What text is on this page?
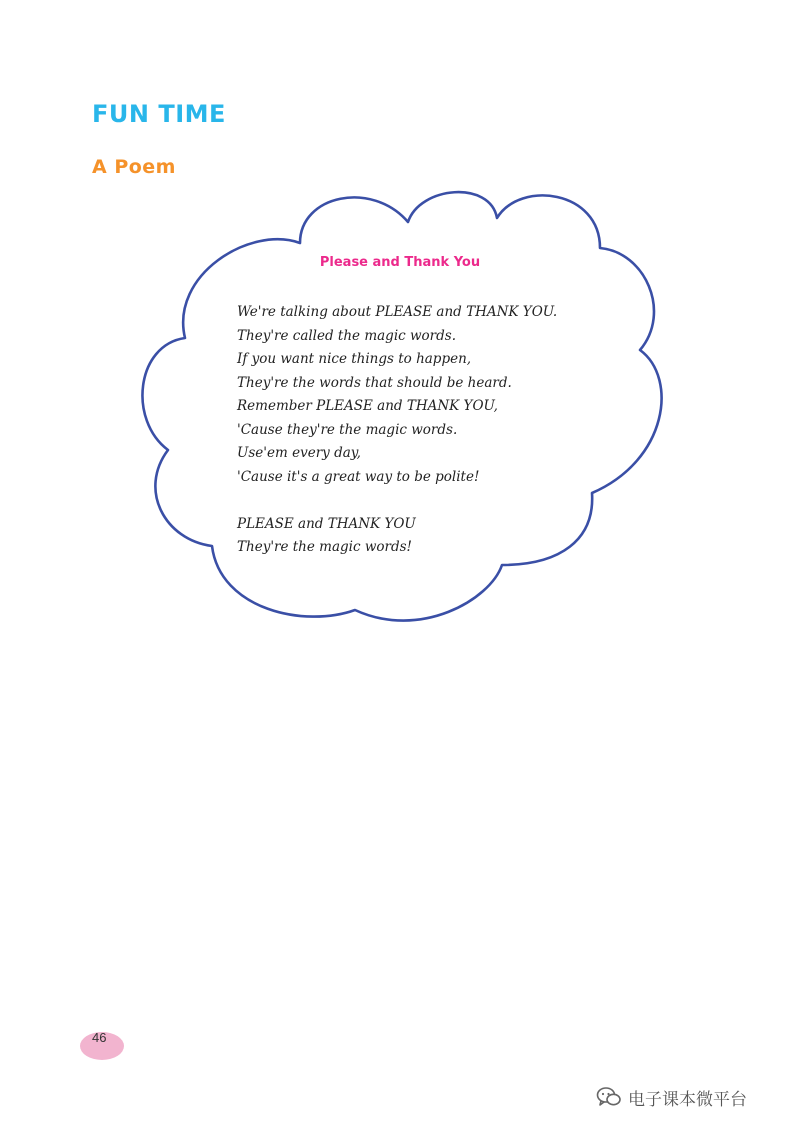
FUN TIME
A Poem
Please and Thank You
We're talking about PLEASE and THANK YOU.
They're called the magic words.
If you want nice things to happen,
They're the words that should be heard.
Remember PLEASE and THANK YOU,
'Cause they're the magic words.
Use'em every day,
'Cause it's a great way to be polite!
PLEASE and THANK YOU
They're the magic words!
46
电子课本微平台
